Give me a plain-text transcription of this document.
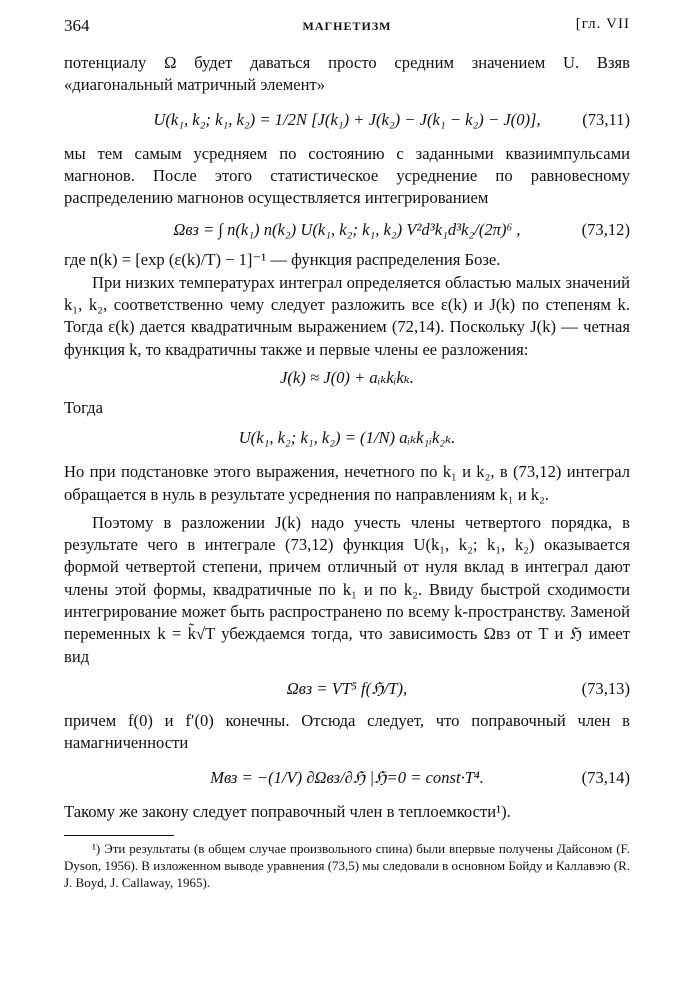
364	МАГНЕТИЗМ	[гл. VII

потенциалу Ω будет даваться просто средним значением U. Взяв «диагональный матричный элемент»

U(k₁, k₂; k₁, k₂) = 1/2N [J(k₁) + J(k₂) − J(k₁ − k₂) − J(0)],	(73,11)

мы тем самым усредняем по состоянию с заданными квазиимпульсами магнонов. После этого статистическое усреднение по равновесному распределению магнонов осуществляется интегрированием

Ωвз = ∫ n(k₁) n(k₂) U(k₁, k₂; k₁, k₂) V²d³k₁d³k₂/(2π)⁶ ,	(73,12)

где n(k) = [exp (ε(k)/T) − 1]⁻¹ — функция распределения Бозе.

При низких температурах интеграл определяется областью малых значений k₁, k₂, соответственно чему следует разложить все ε(k) и J(k) по степеням k. Тогда ε(k) дается квадратичным выражением (72,14). Поскольку J(k) — четная функция k, то квадратичны также и первые члены ее разложения:

J(k) ≈ J(0) + aᵢₖkᵢkₖ.

Тогда

U(k₁, k₂; k₁, k₂) = (1/N) aᵢₖk₁ᵢk₂ₖ.

Но при подстановке этого выражения, нечетного по k₁ и k₂, в (73,12) интеграл обращается в нуль в результате усреднения по направлениям k₁ и k₂.

Поэтому в разложении J(k) надо учесть члены четвертого порядка, в результате чего в интеграле (73,12) функция U(k₁, k₂; k₁, k₂) оказывается формой четвертой степени, причем отличный от нуля вклад в интеграл дают члены этой формы, квадратичные по k₁ и по k₂. Ввиду быстрой сходимости интегрирование может быть распространено по всему k-пространству. Заменой переменных k = k̃√T убеждаемся тогда, что зависимость Ωвз от T и ℌ имеет вид

Ωвз = VT⁵ f(ℌ/T),	(73,13)

причем f(0) и f′(0) конечны. Отсюда следует, что поправочный член в намагниченности

Mвз = −(1/V) ∂Ωвз/∂ℌ |ℌ=0 = const·T⁴.	(73,14)

Такому же закону следует поправочный член в теплоемкости¹).

¹) Эти результаты (в общем случае произвольного спина) были впервые получены Дайсоном (F. Dyson, 1956). В изложенном выводе уравнения (73,5) мы следовали в основном Бойду и Каллавэю (R. J. Boyd, J. Callaway, 1965).
